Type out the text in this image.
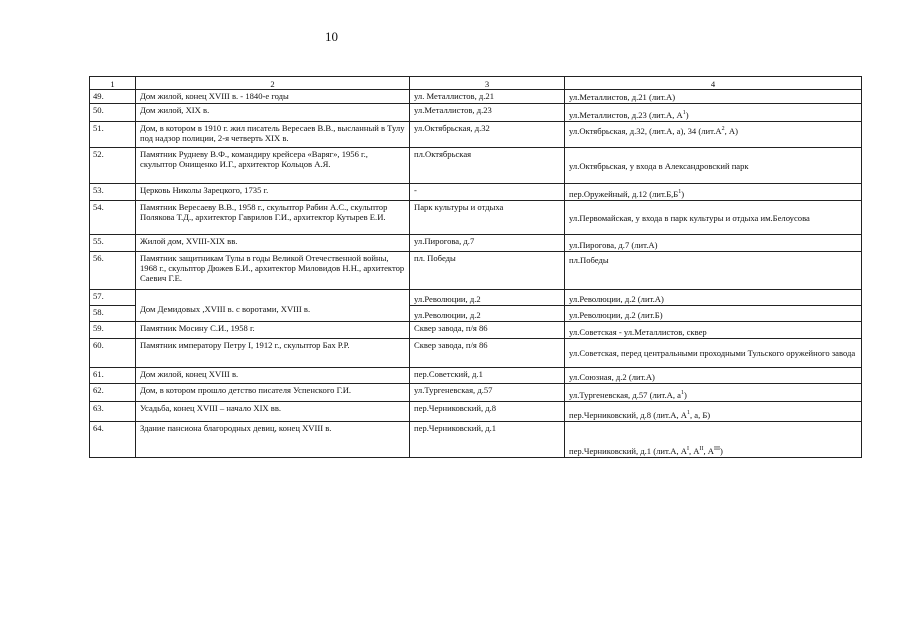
10
1	2	3	4
49.	Дом жилой, конец XVIII в. - 1840-е годы	ул. Металлистов, д.21	ул.Металлистов, д.21 (лит.А)
50.	Дом жилой, XIX в.	ул.Металлистов, д.23	ул.Металлистов, д.23 (лит.А, $А^1$)
51.	Дом, в котором в 1910 г. жил писатель Вересаев В.В., высланный в Тулу под надзор полиции, 2-я четверть XIX в.	ул.Октябрьская, д.32	ул.Октябрьская, д.32, (лит.А, а), 34 ($лит.А^2$, А)
52.	Памятник Рудневу В.Ф., командиру крейсера «Варяг», 1956 г., скульптор Онищенко И.Г., архитектор Кольцов А.Я.	пл.Октябрьская	ул.Октябрьская, у входа в Александровский парк
53.	Церковь Николы Зарецкого, 1735 г.	-	пер.Оружейный, д.12 $(лит.Б,Б^1)$
54.	Памятник Вересаеву В.В., 1958 г., скульптор Рабин А.С., скульптор Полякова Т.Д., архитектор Гаврилов Г.И., архитектор Кутырев Е.И.	Парк культуры и отдыха	ул.Первомайская, у входа в парк культуры и отдыха им.Белоусова
55.	Жилой дом, XVIII-XIX вв.	ул.Пирогова, д.7	ул.Пирогова, д.7 (лит.А)
56.	Памятник защитникам Тулы в годы Великой Отечественной войны, 1968 г., скульптор Дюжев Б.И., архитектор Миловидов Н.Н., архитектор Саевич Г.Е.	пл. Победы	пл.Победы
57.	Дом Демидовых ,XVIII в. с воротами, XVIII в.	ул.Революции, д.2	ул.Революции, д.2 (лит.А)
58.		ул.Революции, д.2	ул.Революции, д.2 (лит.Б)
59.	Памятник Мосину С.И., 1958 г.	Сквер завода, п/я 86	ул.Советская - ул.Металлистов, сквер
60.	Памятник императору Петру I, 1912 г., скульптор Бах Р.Р.	Сквер завода, п/я 86	ул.Советская, перед центральными проходными Тульского оружейного завода
61.	Дом жилой, конец XVIII в.	пер.Советский, д.1	ул.Союзная, д.2 (лит.А)
62.	Дом, в котором прошло детство писателя Успенского Г.И.	ул.Тургеневская, д.57	ул.Тургеневская, д.57 (лит.А, $а^1$)
63.	Усадьба, конец XVIII – начало XIX вв.	пер.Черниковский, д.8	пер.Черниковский, д.8 (лит.А, $А^1$, а, Б)
64.	Здание пансиона благородных девиц, конец XVIII в.	пер.Черниковский, д.1	пер.Черниковский, д.1 (лит.А, $А^I$, $А^{II}$, $А^{III}$)
